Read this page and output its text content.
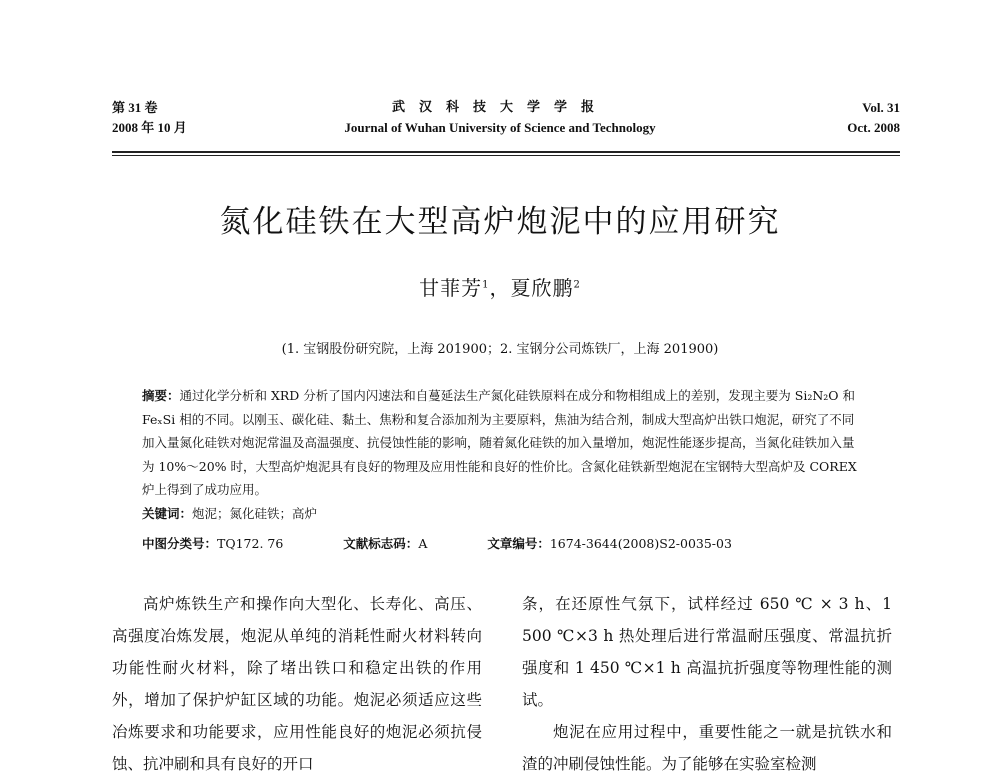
第 31 卷
2008 年 10 月
武汉科技大学学报
Journal of Wuhan University of Science and Technology
Vol. 31
Oct. 2008
氮化硅铁在大型高炉炮泥中的应用研究
甘菲芳$^1$，夏欣鹏$^2$
(1. 宝钢股份研究院，上海 201900；2. 宝钢分公司炼铁厂，上海 201900)
摘要：通过化学分析和 XRD 分析了国内闪速法和自蔓延法生产氮化硅铁原料在成分和物相组成上的差别，发现主要为 Si₂N₂O 和 FeₓSi 相的不同。以刚玉、碳化硅、黏土、焦粉和复合添加剂为主要原料，焦油为结合剂，制成大型高炉出铁口炮泥，研究了不同加入量氮化硅铁对炮泥常温及高温强度、抗侵蚀性能的影响，随着氮化硅铁的加入量增加，炮泥性能逐步提高，当氮化硅铁加入量为 10%～20% 时，大型高炉炮泥具有良好的物理及应用性能和良好的性价比。含氮化硅铁新型炮泥在宝钢特大型高炉及 COREX 炉上得到了成功应用。
关键词：炮泥；氮化硅铁；高炉
中图分类号：TQ172. 76	文献标志码：A	文章编号：1674-3644(2008)S2-0035-03

高炉炼铁生产和操作向大型化、长寿化、高压、高强度冶炼发展，炮泥从单纯的消耗性耐火材料转向功能性耐火材料，除了堵出铁口和稳定出铁的作用外，增加了保护炉缸区域的功能。炮泥必须适应这些冶炼要求和功能要求，应用性能良好的炮泥必须抗侵蚀、抗冲刷和具有良好的开口

条，在还原性气氛下，试样经过 650 ℃ × 3 h、1 500 ℃×3 h 热处理后进行常温耐压强度、常温抗折强度和 1 450 ℃×1 h 高温抗折强度等物理性能的测试。

炮泥在应用过程中，重要性能之一就是抗铁水和渣的冲刷侵蚀性能。为了能够在实验室检测
